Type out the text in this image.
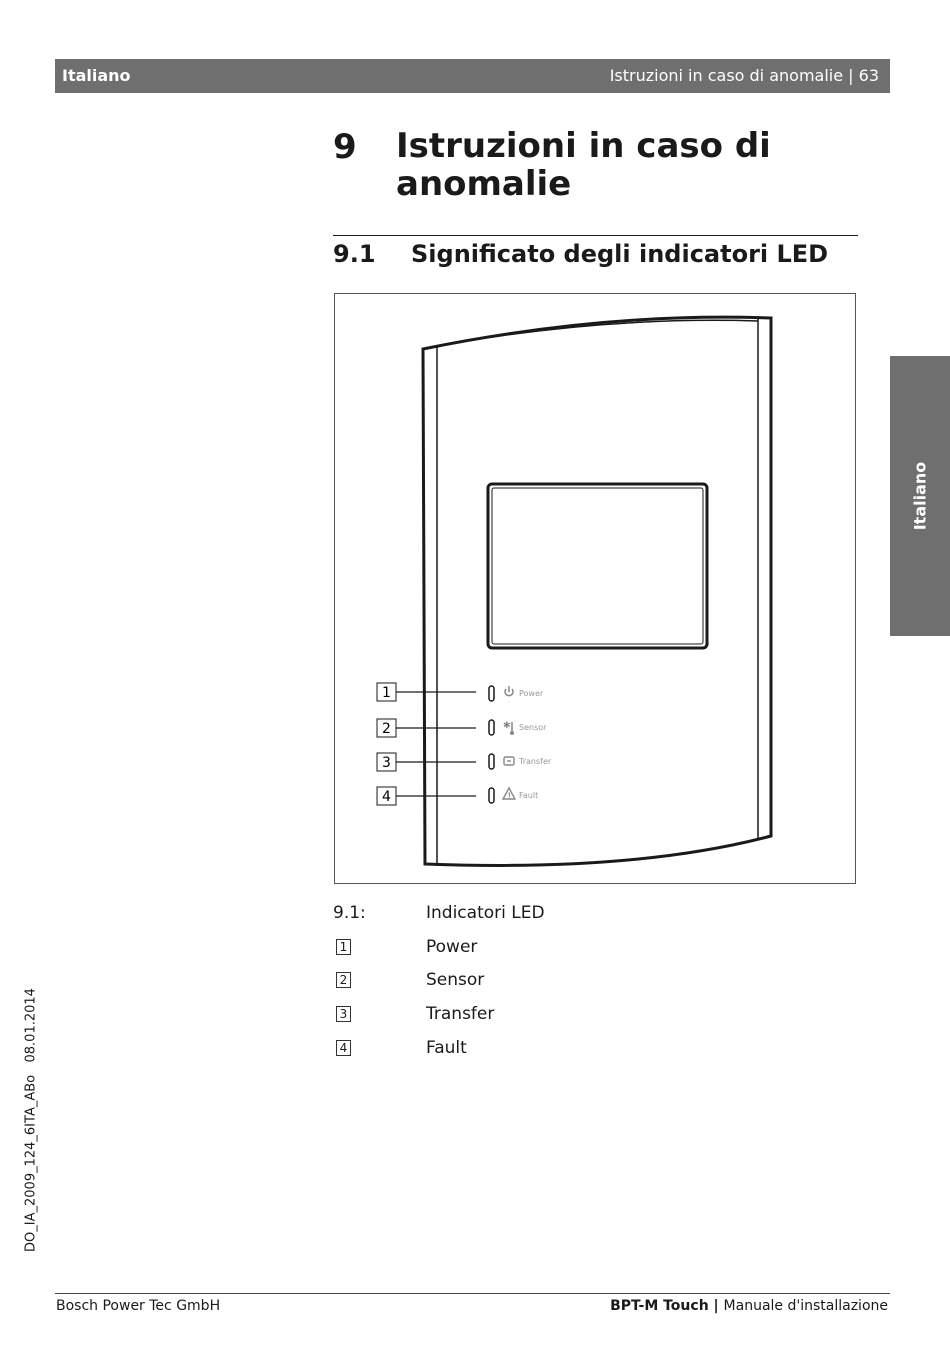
Italiano	Istruzioni in caso di anomalie | 63
9 Istruzioni in caso di anomalie
9.1 Significato degli indicatori LED
1
2
3
4
✱
!
Power
Sensor
Transfer
Fault
9.1:	Indicatori LED
1	Power
2	Sensor
3	Transfer
4	Fault
Italiano
DO_IA_2009_124_6ITA_ABo   08.01.2014
Bosch Power Tec GmbH	BPT-M Touch | Manuale d'installazione
